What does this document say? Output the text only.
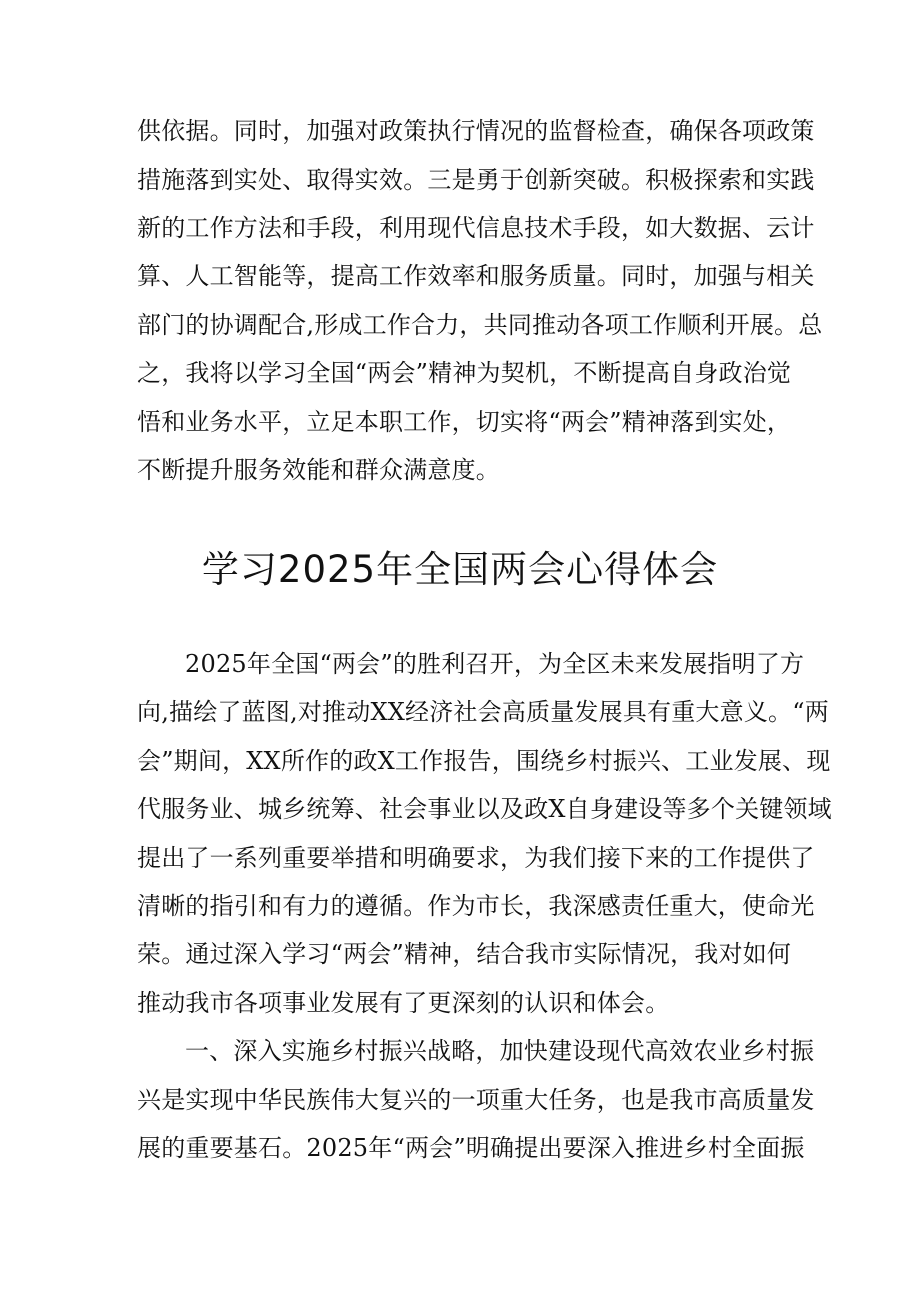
供依据。同时，加强对政策执行情况的监督检查，确保各项政策
措施落到实处、取得实效。三是勇于创新突破。积极探索和实践
新的工作方法和手段，利用现代信息技术手段，如大数据、云计
算、人工智能等，提高工作效率和服务质量。同时，加强与相关
部门的协调配合,形成工作合力，共同推动各项工作顺利开展。总
之，我将以学习全国“两会”精神为契机，不断提高自身政治觉
悟和业务水平，立足本职工作，切实将“两会”精神落到实处，
不断提升服务效能和群众满意度。
学习2025年全国两会心得体会
2025年全国“两会”的胜利召开，为全区未来发展指明了方
向,描绘了蓝图,对推动XX经济社会高质量发展具有重大意义。“两
会”期间，XX所作的政X工作报告，围绕乡村振兴、工业发展、现
代服务业、城乡统筹、社会事业以及政X自身建设等多个关键领域
提出了一系列重要举措和明确要求，为我们接下来的工作提供了
清晰的指引和有力的遵循。作为市长，我深感责任重大，使命光
荣。通过深入学习“两会”精神，结合我市实际情况，我对如何
推动我市各项事业发展有了更深刻的认识和体会。
一、深入实施乡村振兴战略，加快建设现代高效农业乡村振
兴是实现中华民族伟大复兴的一项重大任务，也是我市高质量发
展的重要基石。2025年“两会”明确提出要深入推进乡村全面振
